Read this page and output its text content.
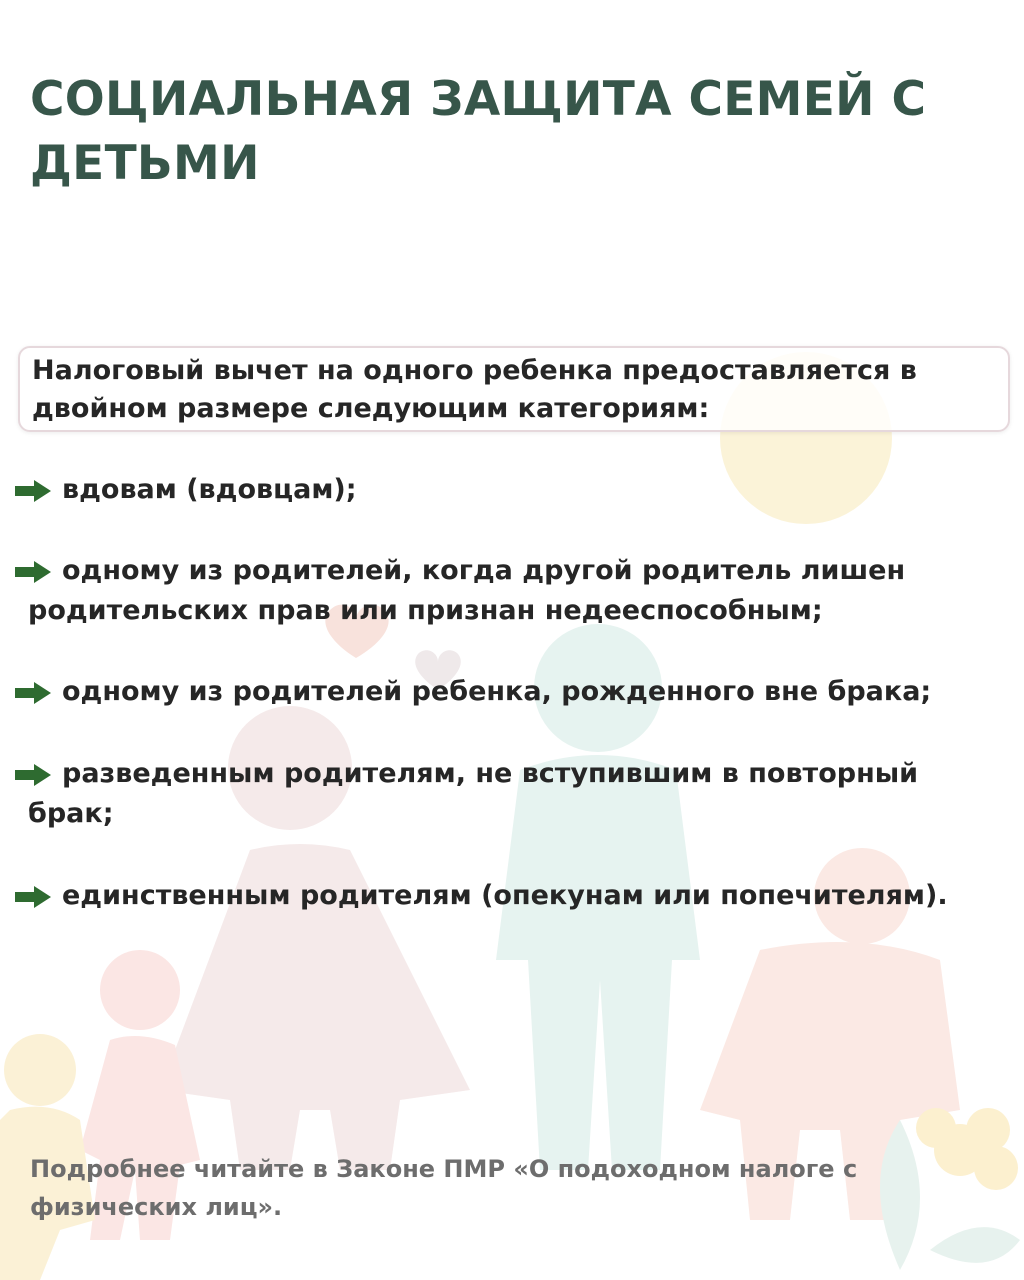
СОЦИАЛЬНАЯ ЗАЩИТА СЕМЕЙ С ДЕТЬМИ

Налоговый вычет на одного ребенка предоставляется в двойном размере следующим категориям:

вдовам (вдовцам);
одному из родителей, когда другой родитель лишен родительских прав или признан недееспособным;
одному из родителей ребенка, рожденного вне брака;
разведенным родителям, не вступившим в повторный брак;
единственным родителям (опекунам или попечителям).

Подробнее читайте в Законе ПМР «О подоходном налоге с физических лиц».
